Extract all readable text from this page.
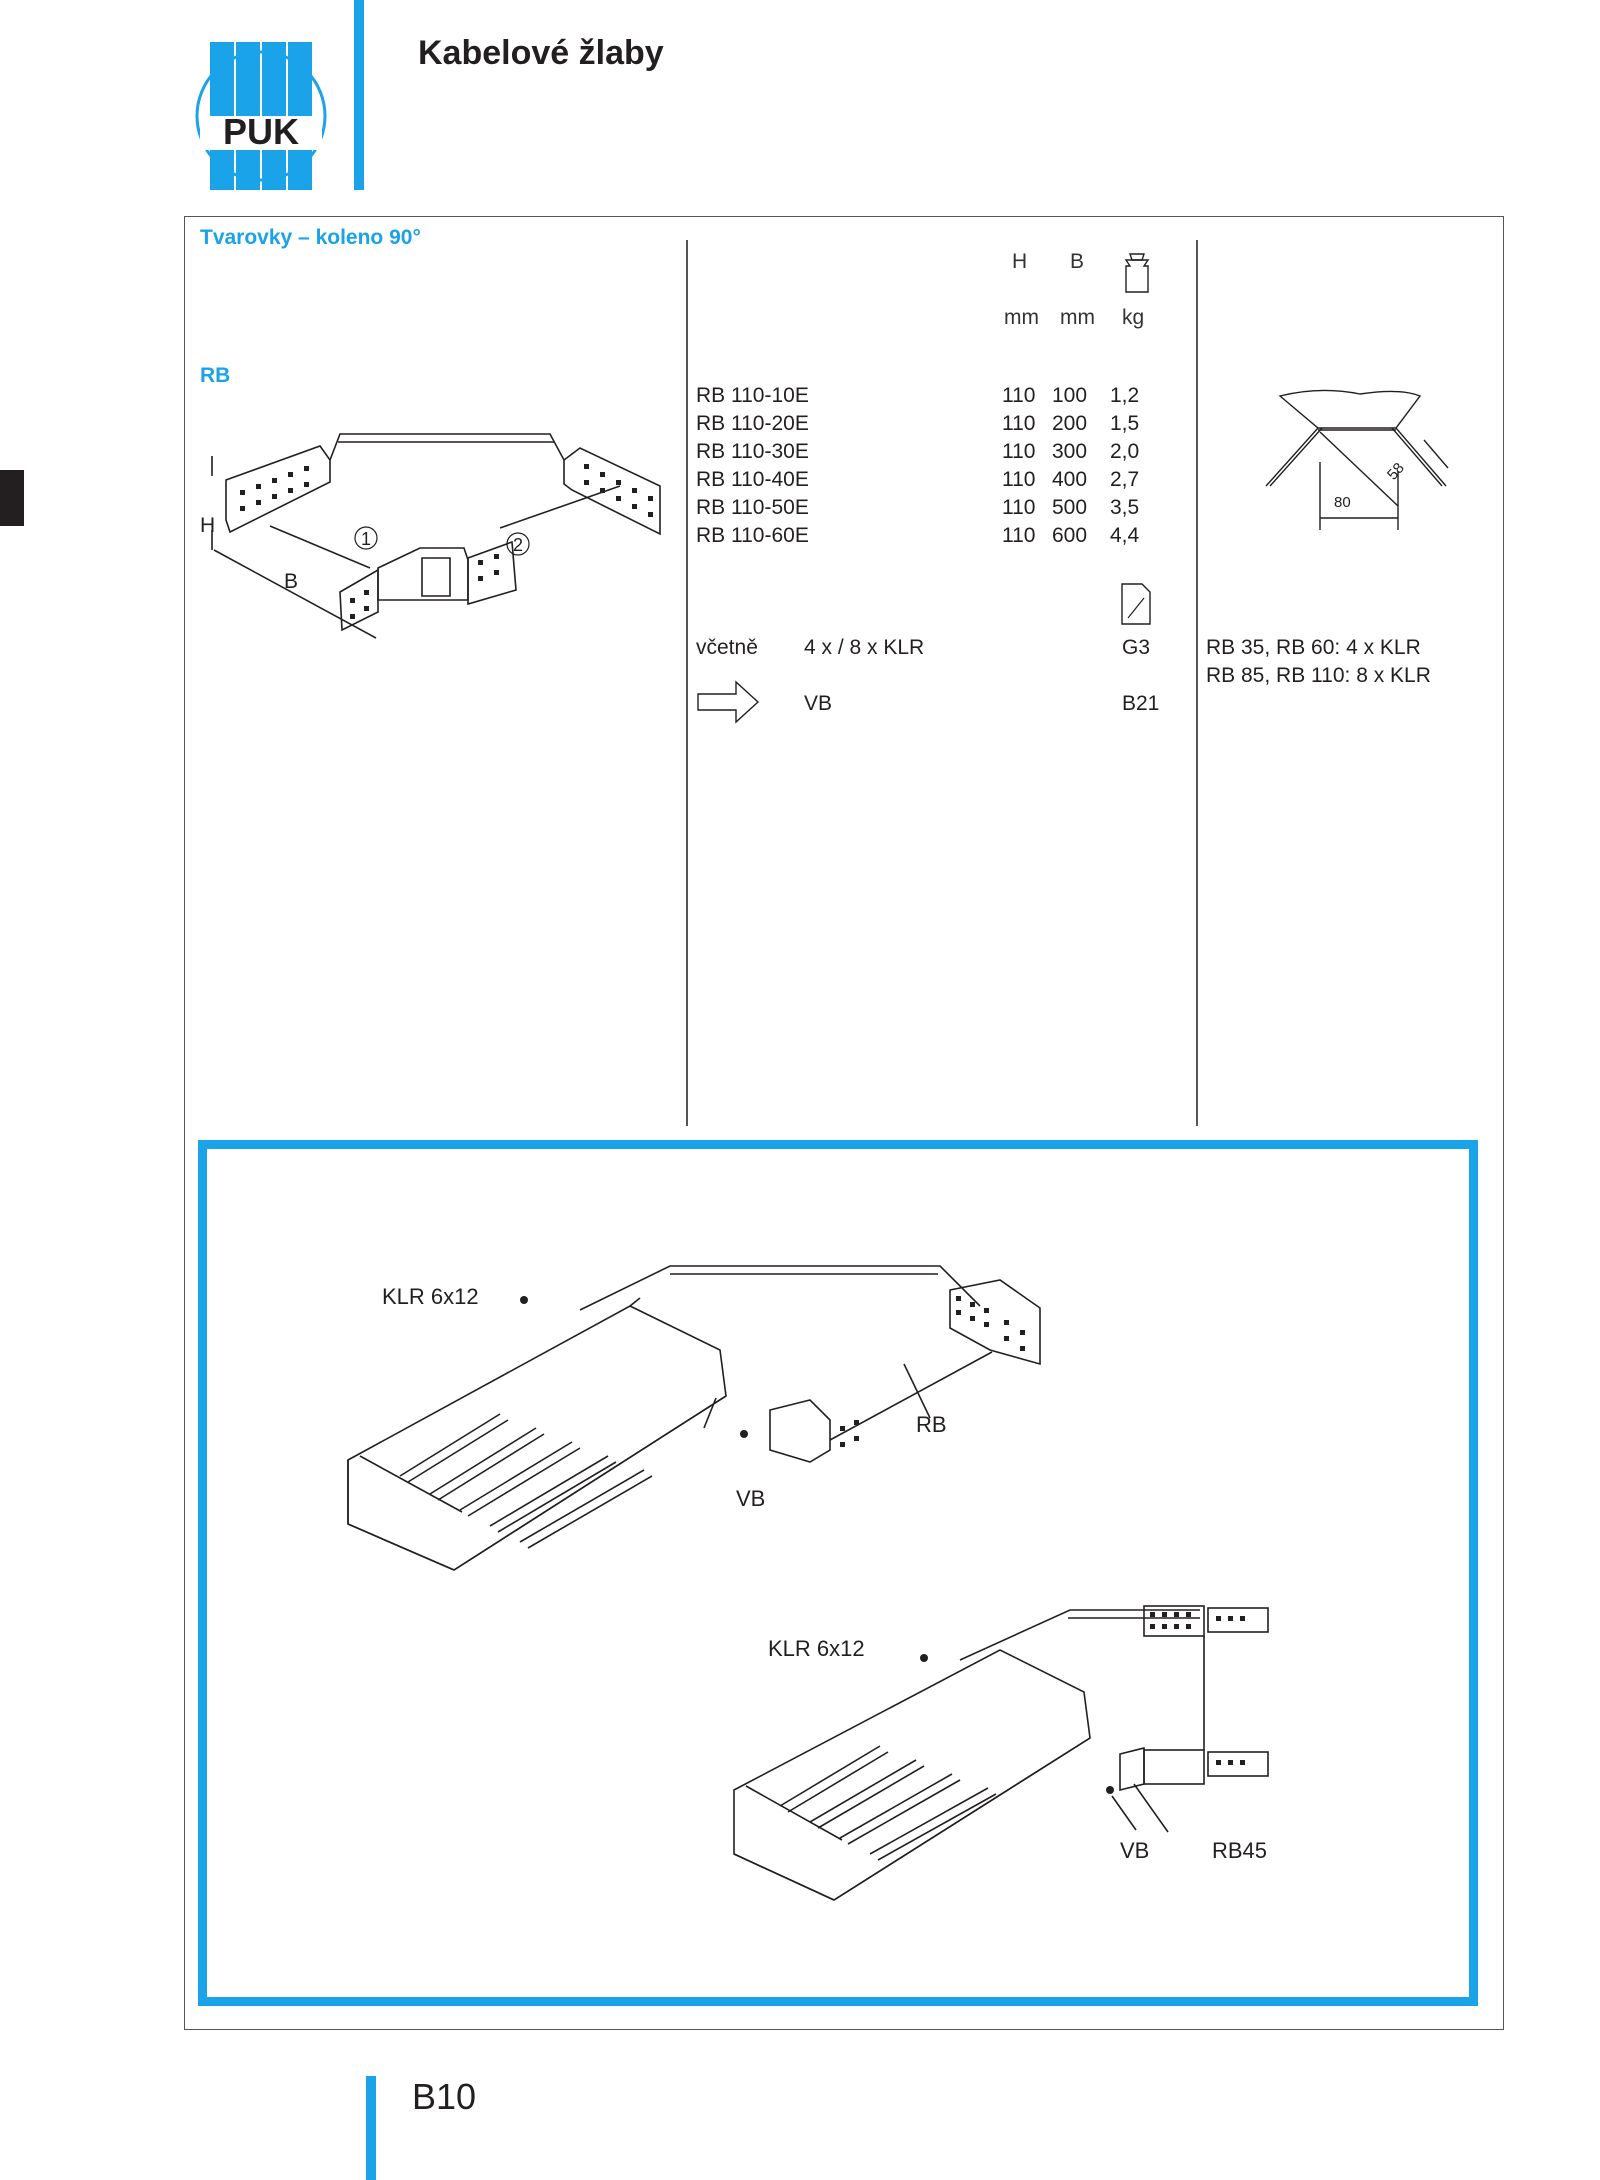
PUK
Kabelové žlaby
Tvarovky – koleno 90°
RB
1	2
H
B
H B
mm mm kg
RB 110-10E	110	100	1,2
RB 110-20E	110	200	1,5
RB 110-30E	110	300	2,0
RB 110-40E	110	400	2,7
RB 110-50E	110	500	3,5
RB 110-60E	110	600	4,4
včetně 4 x / 8 x KLR	G3
VB	B21
80
58
RB 35, RB 60: 4 x KLR
RB 85, RB 110: 8 x KLR
KLR 6x12
VB
RB
KLR 6x12
VB	RB45
B10
